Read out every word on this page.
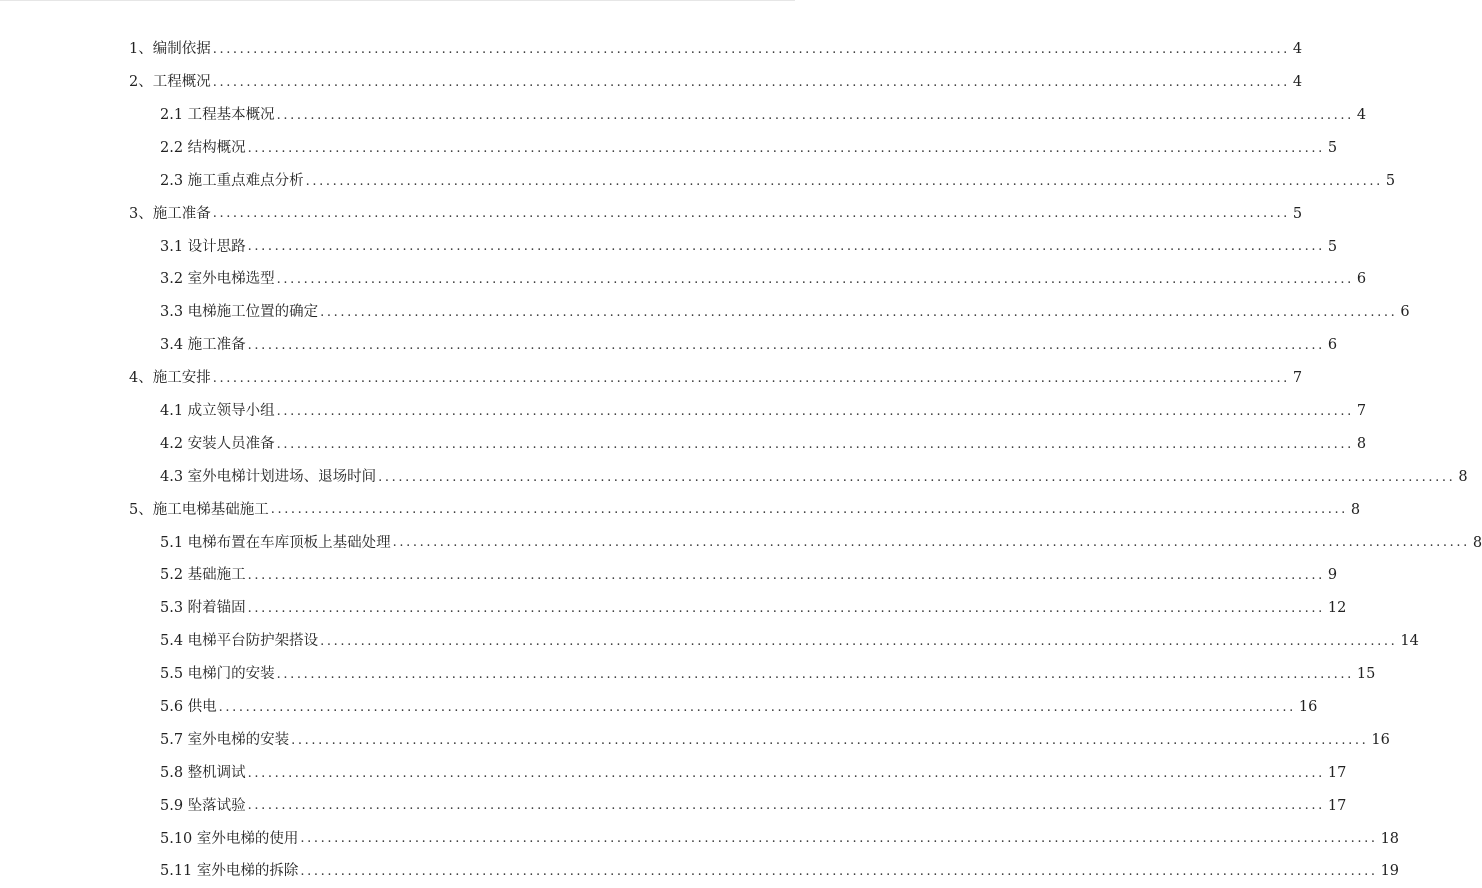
1、编制依据 ................................................................................................................................................................ 4
2、工程概况 ................................................................................................................................................................ 4
2.1 工程基本概况 ................................................................................................................................................................ 4
2.2 结构概况 ................................................................................................................................................................ 5
2.3 施工重点难点分析 ................................................................................................................................................................ 5
3、施工准备 ................................................................................................................................................................ 5
3.1 设计思路 ................................................................................................................................................................ 5
3.2 室外电梯选型 ................................................................................................................................................................ 6
3.3 电梯施工位置的确定 ................................................................................................................................................................ 6
3.4 施工准备 ................................................................................................................................................................ 6
4、施工安排 ................................................................................................................................................................ 7
4.1 成立领导小组 ................................................................................................................................................................ 7
4.2 安装人员准备 ................................................................................................................................................................ 8
4.3 室外电梯计划进场、退场时间 ................................................................................................................................................................ 8
5、施工电梯基础施工 ................................................................................................................................................................ 8
5.1 电梯布置在车库顶板上基础处理 ................................................................................................................................................................ 8
5.2 基础施工 ................................................................................................................................................................ 9
5.3 附着锚固 ................................................................................................................................................................ 12
5.4 电梯平台防护架搭设 ................................................................................................................................................................ 14
5.5 电梯门的安装 ................................................................................................................................................................ 15
5.6 供电 ................................................................................................................................................................ 16
5.7 室外电梯的安装 ................................................................................................................................................................ 16
5.8 整机调试 ................................................................................................................................................................ 17
5.9 坠落试验 ................................................................................................................................................................ 17
5.10 室外电梯的使用 ................................................................................................................................................................ 18
5.11 室外电梯的拆除 ................................................................................................................................................................ 19
